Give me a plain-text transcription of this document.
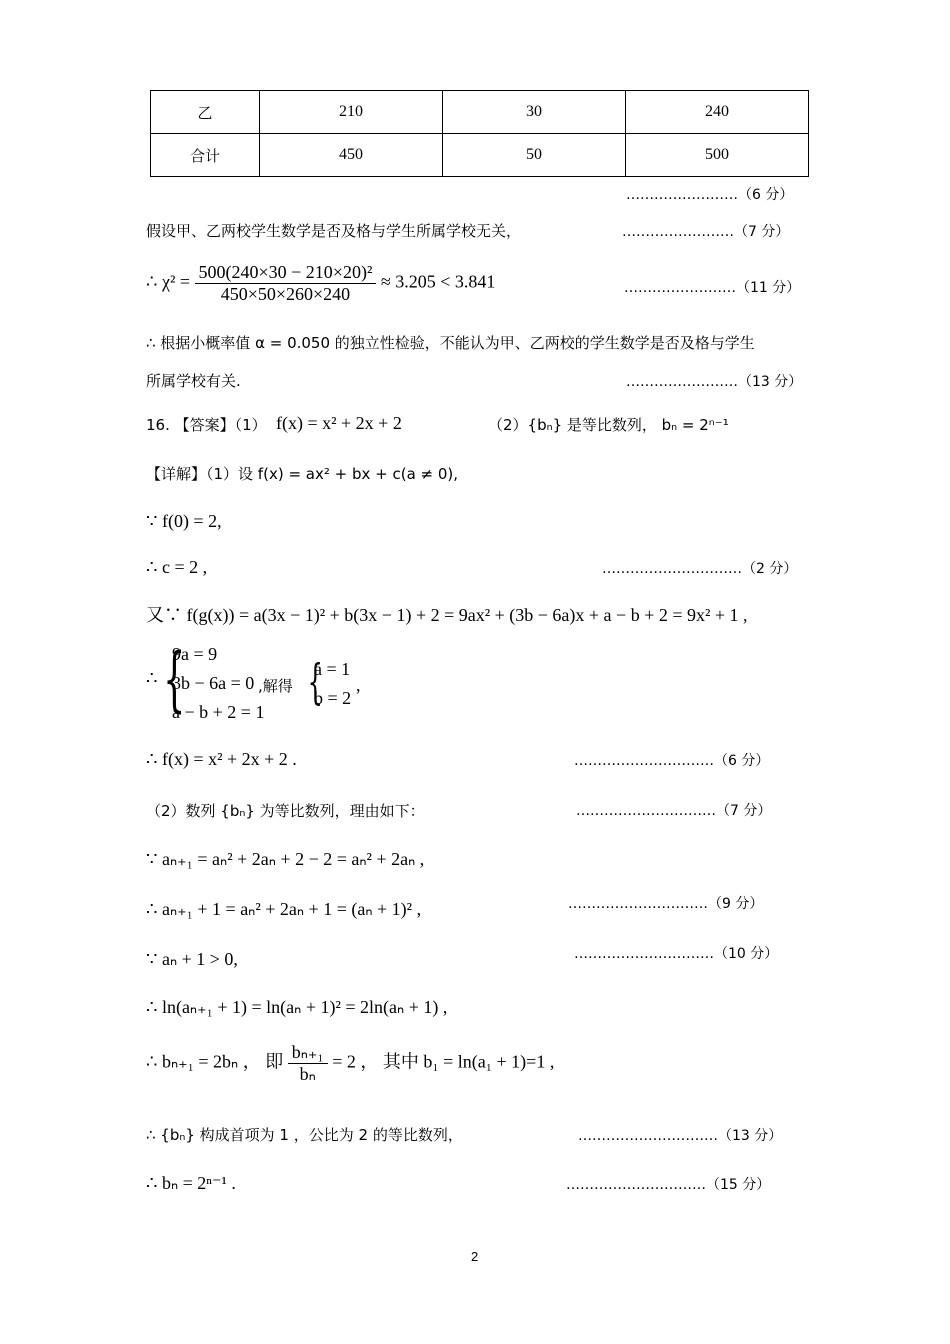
乙	210	30	240
合计	450	50	500
……………………（6 分）
假设甲、乙两校学生数学是否及格与学生所属学校无关，	……………………（7 分）
∴ $\chi^2 = \frac{\text{500(240×30 − 210×20)²}}{450\times 50\times 260\times 240} \approx 3.205 < 3.841$	……………………（11 分）
∴ 根据小概率值 α = 0.050 的独立性检验，不能认为甲、乙两校的学生数学是否及格与学生
所属学校有关.	……………………（13 分）
16. 【答案】（1） f(x) = x² + 2x + 2	（2）{bₙ} 是等比数列， bₙ = 2ⁿ⁻¹
【详解】（1）设 f(x) = ax² + bx + c(a ≠ 0),
∵ f(0) = 2,
∴ c = 2 ,	…………………………（2 分）
又∵ f(g(x)) = a(3x − 1)² + b(3x − 1) + 2 = 9ax² + (3b − 6a)x + a − b + 2 = 9x² + 1 ,
∴ {
9a = 9
3b − 6a = 0
a − b + 2 = 1
,解得 {
a = 1
b = 2
,
∴ f(x) = x² + 2x + 2 .	…………………………（6 分）
（2）数列 {bₙ} 为等比数列，理由如下：	…………………………（7 分）
∵ aₙ₊₁ = aₙ² + 2aₙ + 2 − 2 = aₙ² + 2aₙ ,
∴ aₙ₊₁ + 1 = aₙ² + 2aₙ + 1 = (aₙ + 1)² ,	…………………………（9 分）
∵ aₙ + 1 > 0,	…………………………（10 分）
∴ ln(aₙ₊₁ + 1) = ln(aₙ + 1)² = 2ln(aₙ + 1) ,
∴ bₙ₊₁ = 2bₙ ， 即 $\frac{\text{bₙ₊₁}}{\text{bₙ}} = 2$ ， 其中 b₁ = ln(a₁ + 1)=1 ,
∴ {bₙ} 构成首项为 1 ，公比为 2 的等比数列，	…………………………（13 分）
∴ bₙ = 2ⁿ⁻¹ .	…………………………（15 分）
2
